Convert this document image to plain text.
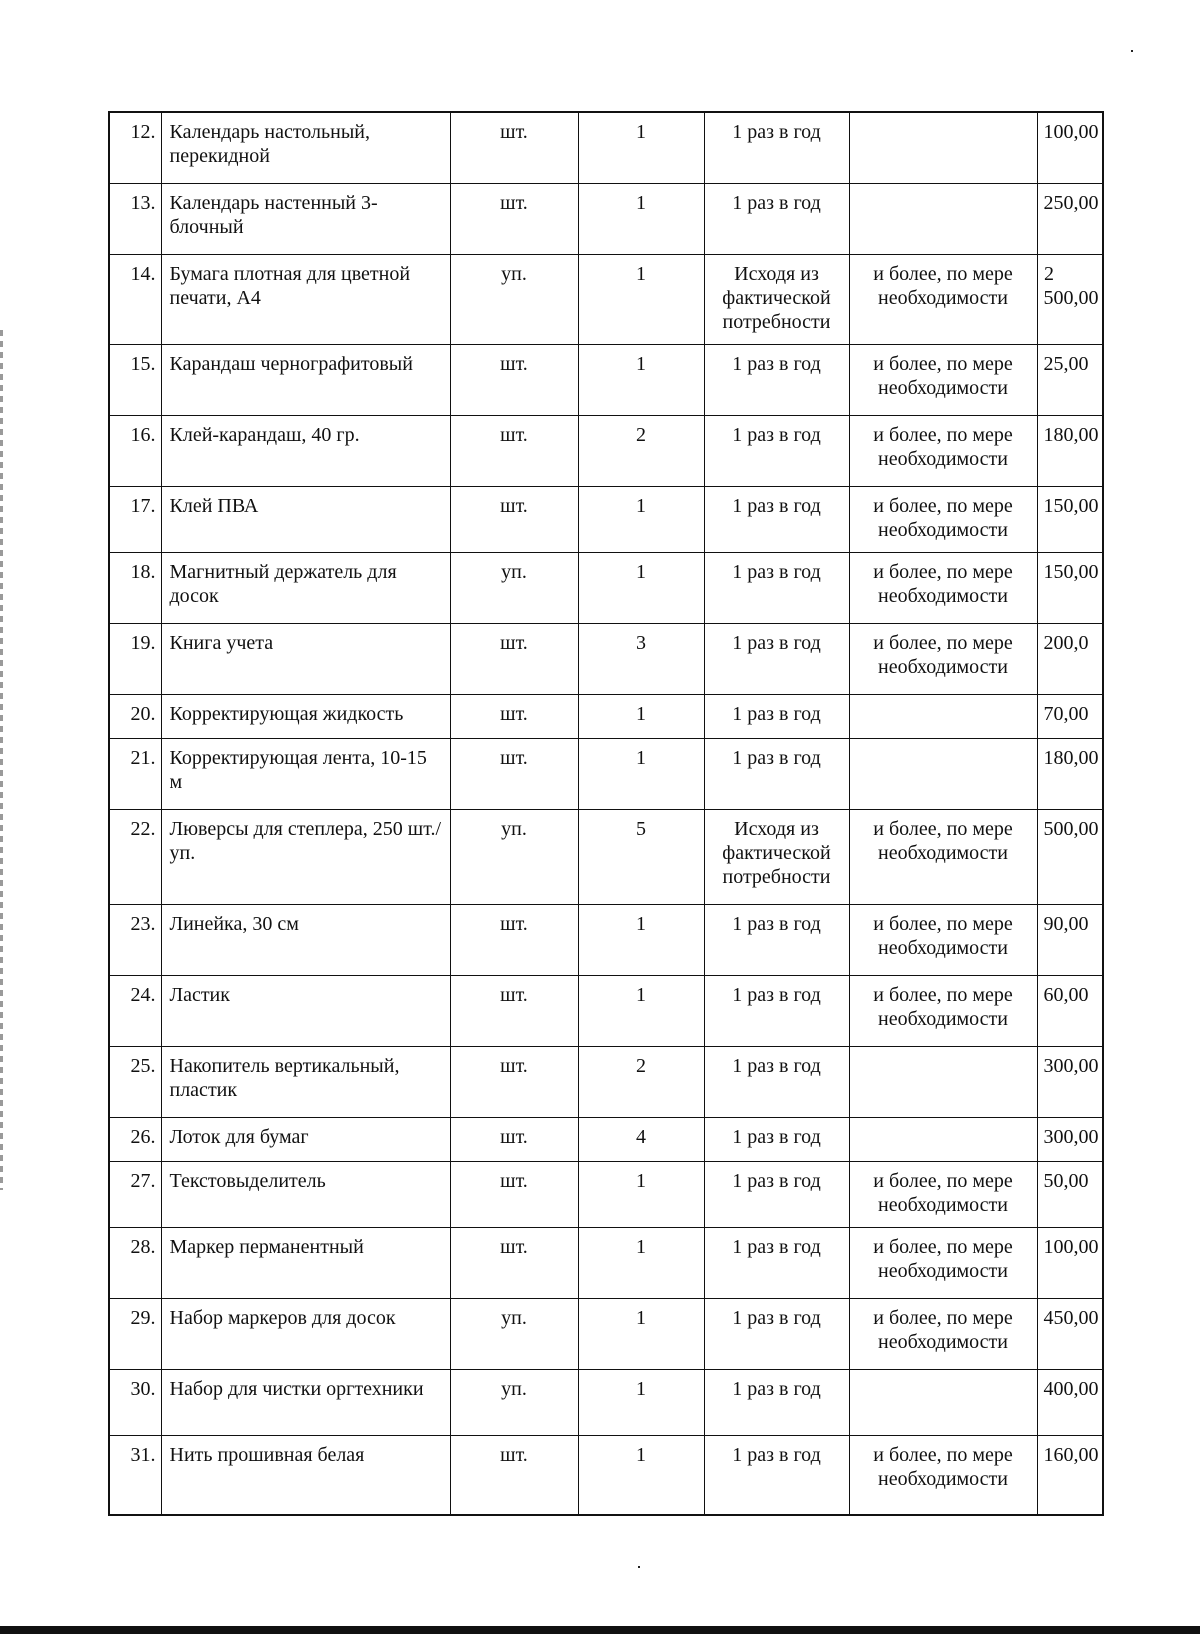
12.	Календарь настольный, перекидной	шт.	1	1 раз в год		100,00
13.	Календарь настенный 3-блочный	шт.	1	1 раз в год		250,00
14.	Бумага плотная для цветной печати, А4	уп.	1	Исходя из фактической потребности	и более, по мере необходимости	2 500,00
15.	Карандаш чернографитовый	шт.	1	1 раз в год	и более, по мере необходимости	25,00
16.	Клей-карандаш, 40 гр.	шт.	2	1 раз в год	и более, по мере необходимости	180,00
17.	Клей ПВА	шт.	1	1 раз в год	и более, по мере необходимости	150,00
18.	Магнитный держатель для досок	уп.	1	1 раз в год	и более, по мере необходимости	150,00
19.	Книга учета	шт.	3	1 раз в год	и более, по мере необходимости	200,0
20.	Корректирующая жидкость	шт.	1	1 раз в год		70,00
21.	Корректирующая лента, 10-15 м	шт.	1	1 раз в год		180,00
22.	Люверсы для степлера, 250 шт./уп.	уп.	5	Исходя из фактической потребности	и более, по мере необходимости	500,00
23.	Линейка, 30 см	шт.	1	1 раз в год	и более, по мере необходимости	90,00
24.	Ластик	шт.	1	1 раз в год	и более, по мере необходимости	60,00
25.	Накопитель вертикальный, пластик	шт.	2	1 раз в год		300,00
26.	Лоток для бумаг	шт.	4	1 раз в год		300,00
27.	Текстовыделитель	шт.	1	1 раз в год	и более, по мере необходимости	50,00
28.	Маркер перманентный	шт.	1	1 раз в год	и более, по мере необходимости	100,00
29.	Набор маркеров для досок	уп.	1	1 раз в год	и более, по мере необходимости	450,00
30.	Набор для чистки оргтехники	уп.	1	1 раз в год		400,00
31.	Нить прошивная белая	шт.	1	1 раз в год	и более, по мере необходимости	160,00
